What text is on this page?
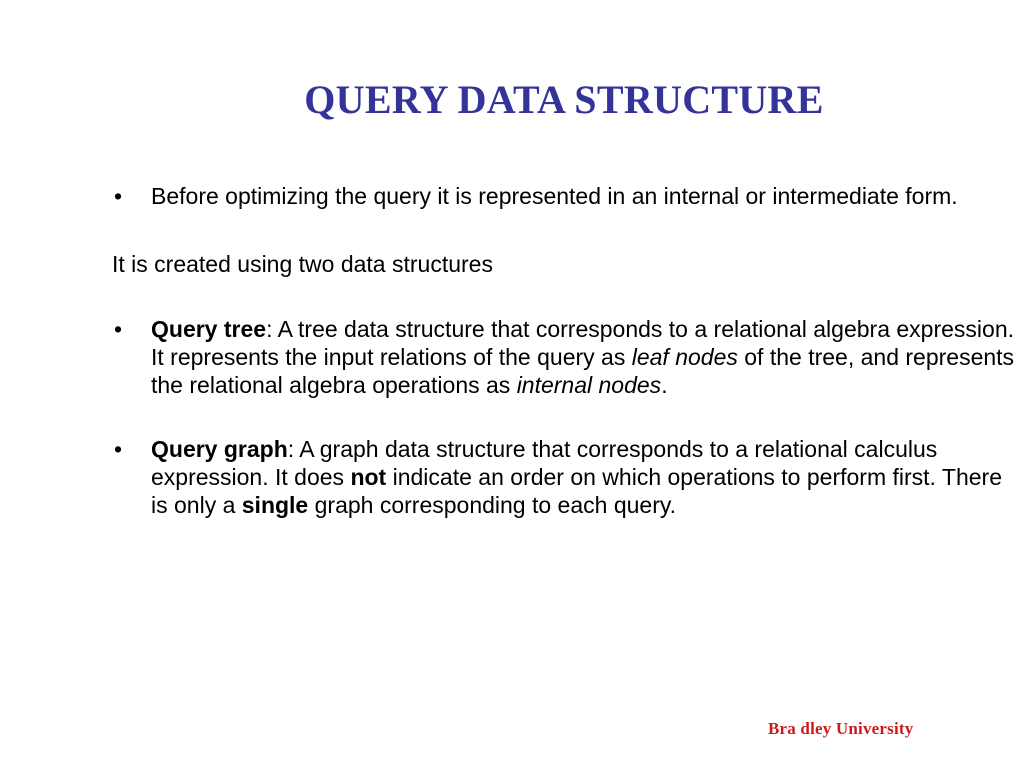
QUERY DATA STRUCTURE
• Before optimizing the query it is represented in an internal or intermediate form.
It is created using two data structures
• Query tree: A tree data structure that corresponds to a relational algebra expression. It represents the input relations of the query as leaf nodes of the tree, and represents the relational algebra operations as internal nodes.
• Query graph: A graph data structure that corresponds to a relational calculus expression. It does not indicate an order on which operations to perform first. There is only a single graph corresponding to each query.
Bra dley University
